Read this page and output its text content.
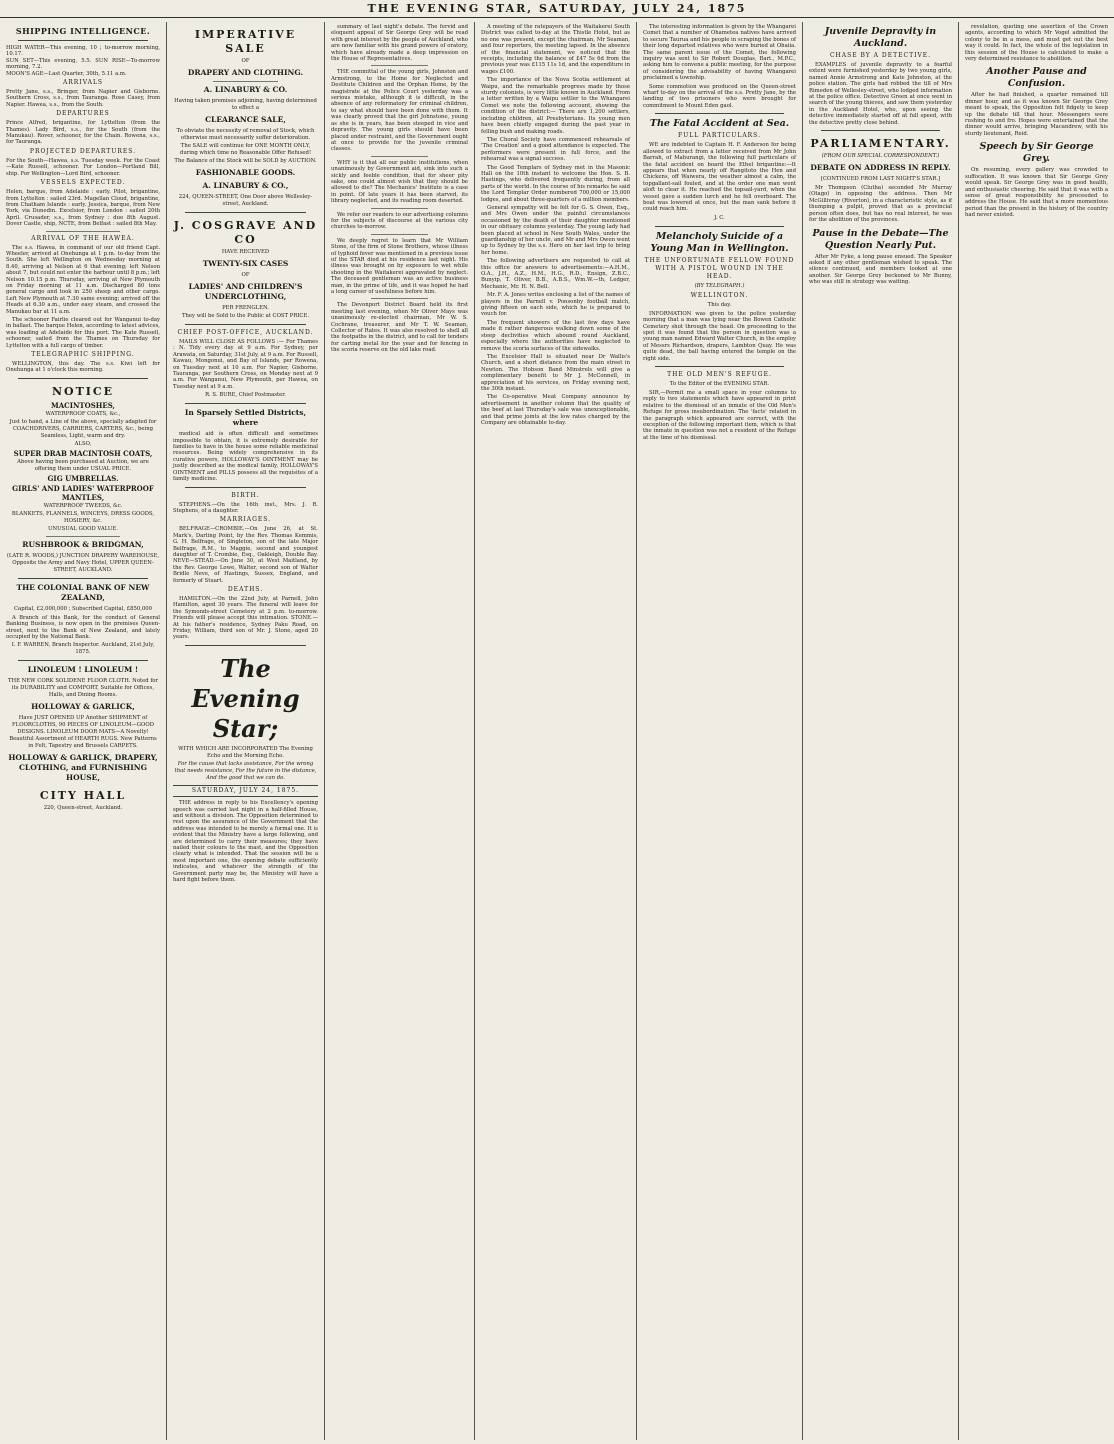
THE EVENING STAR, SATURDAY, JULY 24, 1875
SHIPPING INTELLIGENCE.

HIGH WATER—This evening, 10 ; to-morrow morning, 10.17.

SUN SET—This evening, 5.5. SUN RISE—To-morrow morning, 7.2.

MOON'S AGE—Last Quarter, 30th, 5.11 a.m.

ARRIVALS

Pretty Jane, s.s., Bringer, from Napier and Gisborne. Southern Cross, s.s., from Tauranga. Rose Casey, from Napier. Hawea, s.s., from the South.

DEPARTURES

Prince Alfred, brigantine, for Lyttelton (from the Thames). Lady Bird, s.s., for the South (from the Manukau). Rover, schooner, for the Chain. Rowena, s.s., for Tauranga.

PROJECTED DEPARTURES.

For the South—Hawea, s.s. Tuesday week. For the Coast—Kate Russell, schooner. For London—Portland Bill, ship. For Wellington—Lord Bird, schooner.

VESSELS EXPECTED.

Helen, barque, from Adelaide : early. Pilot, brigantine, from Lyttelton : sailed 23rd. Magellan Cloud, brigantine, from Chatham Islands : early. Jessica, barque, from New York, via Dunedin. Excelsior, from London : sailed 20th April. Crusader, s.s., from Sydney : due 8th August. Dover Castle, ship, NCTE, from Belfast : sailed 8th May.

ARRIVAL OF THE HAWEA.

The s.s. Hawea, in command of our old friend Capt. Wheeler, arrived at Onehunga at 1 p.m. to-day from the South. She left Wellington on Wednesday morning at 8.40, arriving at Nelson at 6 that evening; left Nelson about 7, but could not enter the harbour until 8 p.m.; left Nelson 10.15 p.m. Thursday, arriving at New Plymouth on Friday morning at 11 a.m. Discharged 80 tons general cargo and took in 250 sheep and other cargo. Left New Plymouth at 7.30 same evening; arrived off the Heads at 6.30 a.m., under easy steam, and crossed the Manukau bar at 11 a.m.

The schooner Fairlie cleared out for Wanganui to-day in ballast. The barque Helen, according to latest advices, was loading at Adelaide for this port. The Kate Russell, schooner, sailed from the Thames on Thursday for Lyttelton with a full cargo of timber.

TELEGRAPHIC SHIPPING.

WELLINGTON, this day. The s.s. Kiwi left for Onehunga at 1 o'clock this morning.

NOTICE
MACINTOSHES,
WATERPROOF COATS, &c.,
Just to hand, a Line of the above, specially adapted for COACHDRIVERS, CARRIERS, CARTERS, &c., being Seamless, Light, warm and dry.
ALSO,
SUPER DRAB MACINTOSH COATS,
Above having been purchased at Auction, we are offering them under USUAL PRICE.
GIG UMBRELLAS.
GIRLS' AND LADIES' WATERPROOF MANTLES,
WATERPROOF TWEEDS, &c.
BLANKETS, FLANNELS, WINCEYS, DRESS GOODS, HOSIERY, &c.
UNUSUAL GOOD VALUE.
RUSHBROOK & BRIDGMAN,
(LATE R. WOODS,) JUNCTION DRAPERY WAREHOUSE, Opposite the Army and Navy Hotel, UPPER QUEEN-STREET, AUCKLAND.
THE COLONIAL BANK OF NEW ZEALAND,
Capital, £2,000,000 ; Subscribed Capital, £850,000

A Branch of this Bank, for the conduct of General Banking Business, is now open in the premises Queen-street, next to the Bank of New Zealand, and lately occupied by the National Bank.

I. F. WARREN, Branch Inspector. Auckland, 21st July, 1875.
LINOLEUM ! LINOLEUM !
THE NEW CORK SOLIDENE FLOOR CLOTH. Noted for its DURABILITY and COMFORT, Suitable for Offices, Halls, and Dining Rooms.
HOLLOWAY & GARLICK,
Have JUST OPENED UP Another SHIPMENT of FLOORCLOTHS, 90 PIECES OF LINOLEUM—GOOD DESIGNS. LINOLEUM DOOR MATS—A Novelty! Beautiful Assortment of HEARTH RUGS. New Patterns in Felt, Tapestry and Brussels CARPETS.
HOLLOWAY & GARLICK, DRAPERY, CLOTHING, and FURNISHING HOUSE,
CITY HALL
220, Queen-street, Auckland.
IMPERATIVE SALE
OF
DRAPERY AND CLOTHING.
A. LINABURY & CO.
Having taken premises adjoining, having determined to effect a
CLEARANCE SALE,
To obviate the necessity of removal of Stock, which otherwise must necessarily suffer deterioration.
The SALE will continue for ONE MONTH ONLY, during which time no Reasonable Offer Refused!
The Balance of the Stock will be SOLD by AUCTION.
FASHIONABLE GOODS.
A. LINABURY & CO.,
224, QUEEN-STREET, One Door above Wellesley-street, Auckland.
J. COSGRAVE AND CO
HAVE RECEIVED
TWENTY-SIX CASES
OF
LADIES' AND CHILDREN'S UNDERCLOTHING,
PER FRENGLEN.
They will be Sold to the Public at COST PRICE.
CHIEF POST-OFFICE, AUCKLAND.

MAILS WILL CLOSE AS FOLLOWS :— For Thames : N. Tidy every day at 9 a.m. For Sydney, per Arawata, on Saturday, 31st July, at 9 a.m. For Russell, Kawau, Mongonui, and Bay of Islands, per Rowena, on Tuesday next at 10 a.m. For Napier, Gisborne, Tauranga, per Southern Cross, on Monday next at 9 a.m. For Wanganui, New Plymouth, per Hawea, on Tuesday next at 9 a.m.

R. S. BURE, Chief Postmaster.
In Sparsely Settled Districts, where

medical aid is often difficult and sometimes impossible to obtain, it is extremely desirable for families to have in the house some reliable medicinal resources. Being widely comprehensive in its curative powers, HOLLOWAY'S OINTMENT may be justly described as the medical family, HOLLOWAY'S OINTMENT and PILLS possess all the requisites of a family medicine.

BIRTH.

STEPHENS.—On the 16th inst., Mrs. J. R. Stephens, of a daughter.

MARRIAGES.

BELFRAGE—CROMBIE.—On June 26, at St. Mark's, Darling Point, by the Rev. Thomas Kemmis, G. H. Belfrage, of Singleton, son of the late Major Belfrage, R.M., to Maggie, second and youngest daughter of T. Crombie, Esq., Oakleigh, Double Bay. NEVE—STEAD.—On June 30, at West Maitland, by the Rev. George Lowe, Walter, second son of Walter Bridle Neve, of Hastings, Sussex, England, and formerly of Stuart.

DEATHS.

HAMILTON.—On the 22nd July, at Parnell, John Hamilton, aged 30 years. The funeral will leave for the Symonds-street Cemetery at 2 p.m. to-morrow. Friends will please accept this intimation. STONE.—At his father's residence, Sydney Paku Road, on Friday, William, third son of Mr. J. Stone, aged 20 years.

The Evening Star;
WITH WHICH ARE INCORPORATED The Evening Echo and the Morning Echo.
For the cause that lacks assistance, For the wrong that needs resistance, For the future in the distance, And the good that we can do.
SATURDAY, JULY 24, 1875.

THE address in reply to his Excellency's opening speech was carried last night in a half-filled House, and without a division. The Opposition determined to rest upon the assurance of the Government that the address was intended to be merely a formal one. It is evident that the Ministry have a large following, and are determined to carry their measures; they have nailed their colours to the mast, and the Opposition clearly what is intended. That the session will be a most important one, the opening debate sufficiently indicates, and whatever the strength of the Government party may be, the Ministry will have a hard fight before them.

summary of last night's debate. The fervid and eloquent appeal of Sir George Grey will be read with great interest by the people of Auckland, who are now familiar with his grand powers of oratory, which have already made a deep impression on the House of Representatives.

THE committal of the young girls, Johnston and Armstrong, to the Home for Neglected and Destitute Children and the Orphan Home, by the magistrate at the Police Court yesterday was a serious mistake, although it is difficult, in the absence of any reformatory for criminal children, to say what should have been done with them. It was clearly proved that the girl Johnstone, young as she is in years, has been steeped in vice and depravity. The young girls should have been placed under restraint, and the Government ought at once to provide for the juvenile criminal classes.

WHY is it that all our public institutions, when unanimously by Government aid, sink into such a sickly and feeble condition, that for sheer pity sake, one could almost wish that they should be allowed to die? The Mechanics' Institute is a case in point. Of late years it has been starved, its library neglected, and its reading room deserted.

We refer our readers to our advertising columns for the subjects of discourse at the various city churches to-morrow.

We deeply regret to learn that Mr William Stone, of the firm of Stone Brothers, whose illness of typhoid fever was mentioned in a previous issue of the STAR died at his residence last night. His illness was brought on by exposure to wet while shooting in the Waitakerei aggravated by neglect. The deceased gentleman was an active business man, in the prime of life, and it was hoped he had a long career of usefulness before him.

The Devonport District Board held its first meeting last evening, when Mr Oliver Mays was unanimously re-elected chairman, Mr W. S. Cochrane, treasurer, and Mr T. W. Seaman, Collector of Rates. It was also resolved to shell all the footpaths in the district, and to call for tenders for carting metal for the year and for fencing in the scoria reserve on the old lake road.

A meeting of the ratepayers of the Waitakerei South District was called to-day at the Thistle Hotel, but as no one was present, except the chairman, Mr Seaman, and four reporters, the meeting lapsed. In the absence of the financial statement, we noticed that the receipts, including the balance of £47 5s 6d from the previous year was £115 11s 1d, and the expenditure in wages £100.

The importance of the Nova Scotia settlement at Waipu, and the remarkable progress made by those sturdy colonists, is very little known in Auckland. From a letter written by a Waipu settler to the Whangarei Comet we note the following account, showing the condition of the district:— There are 1,200 settlers, including children, all Presbyterians. Its young men have been chiefly engaged during the past year in felling bush and making roads.

The Choral Society have commenced rehearsals of 'The Creation' and a good attendance is expected. The performers were present in full force, and the rehearsal was a signal success.

The Good Templars of Sydney met in the Masonic Hall on the 10th instant to welcome the Hon. S. B. Hastings, who delivered frequently during, from all parts of the world. In the course of his remarks he said the Lord Templar Order numbered 700,000 or 15,000 lodges, and about three-quarters of a million members.

General sympathy will be felt for G. S. Owen, Esq., and Mrs Owen under the painful circumstances occasioned by the death of their daughter mentioned in our obituary columns yesterday. The young lady had been placed at school in New South Wales, under the guardianship of her uncle, and Mr and Mrs Owen went up to Sydney by the s.s. Hero on her last trip to bring her home.

The following advertisers are requested to call at this office for answers to advertisements:—A.H.M., O.A., J.H., A.Z., H.M., H.G., R.D., Ensign, Z.B.C., Bunyip, T. Oliver, B.B., A.B.S., Wm.W.—th, Ledger, Mechanic, Mr. H. N. Bell.

Mr. F. A. Jones writes enclosing a list of the names of players in the Parnell v. Ponsonby football match, giving fifteen on each side, which he is prepared to vouch for.

The frequent showers of the last few days have made it rather dangerous walking down some of the steep declivities which abound round Auckland, especially where the authorities have neglected to remove the scoria surfaces of the sidewalks.

The Excelsior Hall is situated near Dr Wallis's Church, and a short distance from the main street in Newton. The Hobson Band Minstrels will give a complimentary benefit to Mr J. McConnell, in appreciation of his services, on Friday evening next, the 30th instant.

The Co-operative Meat Company announce by advertisement in another column that the quality of the beef at last Thursday's sale was unexceptionable, and that prime joints at the low rates charged by the Company are obtainable to-day.

The interesting information is given by the Whangarei Comet that a number of Ohametea natives have arrived to secure Taurua and his people in scraping the bones of their long departed relatives who were buried at Ohaiia. The same parent issue of the Comet, the following inquiry was sent to Sir Robert Douglas, Bart., M.P.C., asking him to convene a public meeting, for the purpose of considering the advisability of having Whangarei proclaimed a township.

Some commotion was produced on the Queen-street wharf to-day on the arrival of the s.s. Pretty Jane, by the landing of two prisoners who were brought for commitment to Mount Eden gaol.

The Fatal Accident at Sea.
FULL PARTICULARS.

WE are indebted to Captain H. F. Anderson for being allowed to extract from a letter received from Mr John Barrah, of Mahurangi, the following full particulars of the fatal accident on board the Ethel brigantine:—It appears that when nearly off Rangitoto the Hen and Chickens, off Waiwera, the weather almost a calm, the topgallant-sail fouled, and at the order one man went aloft to clear it. He reached the topsail-yard, when the vessel gave a sudden lurch and he fell overboard. The boat was lowered at once, but the man sank before it could reach him.

J. C.
Melancholy Suicide of a Young Man in Wellington.
THE UNFORTUNATE FELLOW FOUND WITH A PISTOL WOUND IN THE HEAD.
(BY TELEGRAPH.)
WELLINGTON.
This day.

INFORMATION was given to the police yesterday morning that a man was lying near the Bowen Catholic Cemetery shot through the head. On proceeding to the spot it was found that the person in question was a young man named Edward Walter Church, in the employ of Messrs Richardson, drapers, Lambton Quay. He was quite dead, the ball having entered the temple on the right side.

THE OLD MEN'S REFUGE.
To the Editor of the EVENING STAR.

SIR,—Permit me a small space in your columns to reply to two statements which have appeared in print relative to the dismissal of an inmate of the Old Men's Refuge for gross insubordination. The 'facts' related in the paragraph which appeared are correct, with the exception of the following important item, which is that the inmate in question was not a resident of the Refuge at the time of his dismissal.

Juvenile Depravity in Auckland.
CHASE BY A DETECTIVE.

EXAMPLES of juvenile depravity to a fearful extent were furnished yesterday by two young girls, named Annie Armstrong and Kate Johnston, at the police station. The girls had robbed the till of Mrs Rimeden of Wellesley-street, who lodged information at the police office. Detective Green at once went in search of the young thieves, and saw them yesterday in the Auckland Hotel, who, upon seeing the detective immediately started off at full speed, with the detective pretty close behind.

PARLIAMENTARY.
(FROM OUR SPECIAL CORRESPONDENT.)
DEBATE ON ADDRESS IN REPLY.
[CONTINUED FROM LAST NIGHT'S STAR.]

Mr Thompson (Clutha) seconded Mr Murray (Otago) in opposing the address. Then Mr McGillivray (Riverton), in a characteristic style, as if thumping a pulpit, proved that as a provincial person often does, but has no real interest, he was for the abolition of the provinces.

Pause in the Debate—The Question Nearly Put.

After Mr Fyke, a long pause ensued. The Speaker asked if any other gentleman wished to speak. The silence continued, and members looked at one another. Sir George Grey beckoned to Mr Bunny, who was still in strategy was waiting.

revelation, quoting one assertion of the Crown agents, according to which Mr Vogel admitted the colony to be in a mess, and must get out the best way it could. In fact, the whole of the legislation in this session of the House is calculated to make a very determined resistance to abolition.

Another Pause and Confusion.

After he had finished, a quarter remained till dinner hour, and as it was known Sir George Grey meant to speak, the Opposition felt fidgety to keep up the debate till that hour. Messengers were rushing to and fro. Hopes were entertained that the dinner would arrive, bringing Macandrew, with his sturdy lieutenant, Reid.

Speech by Sir George Grey.

On resuming, every gallery was crowded to suffocation. It was known that Sir George Grey would speak. Sir George Grey was in good health, and enthusiastic cheering. He said that it was with a sense of great responsibility he proceeded to address the House. He said that a more momentous period than the present in the history of the country had never existed.
